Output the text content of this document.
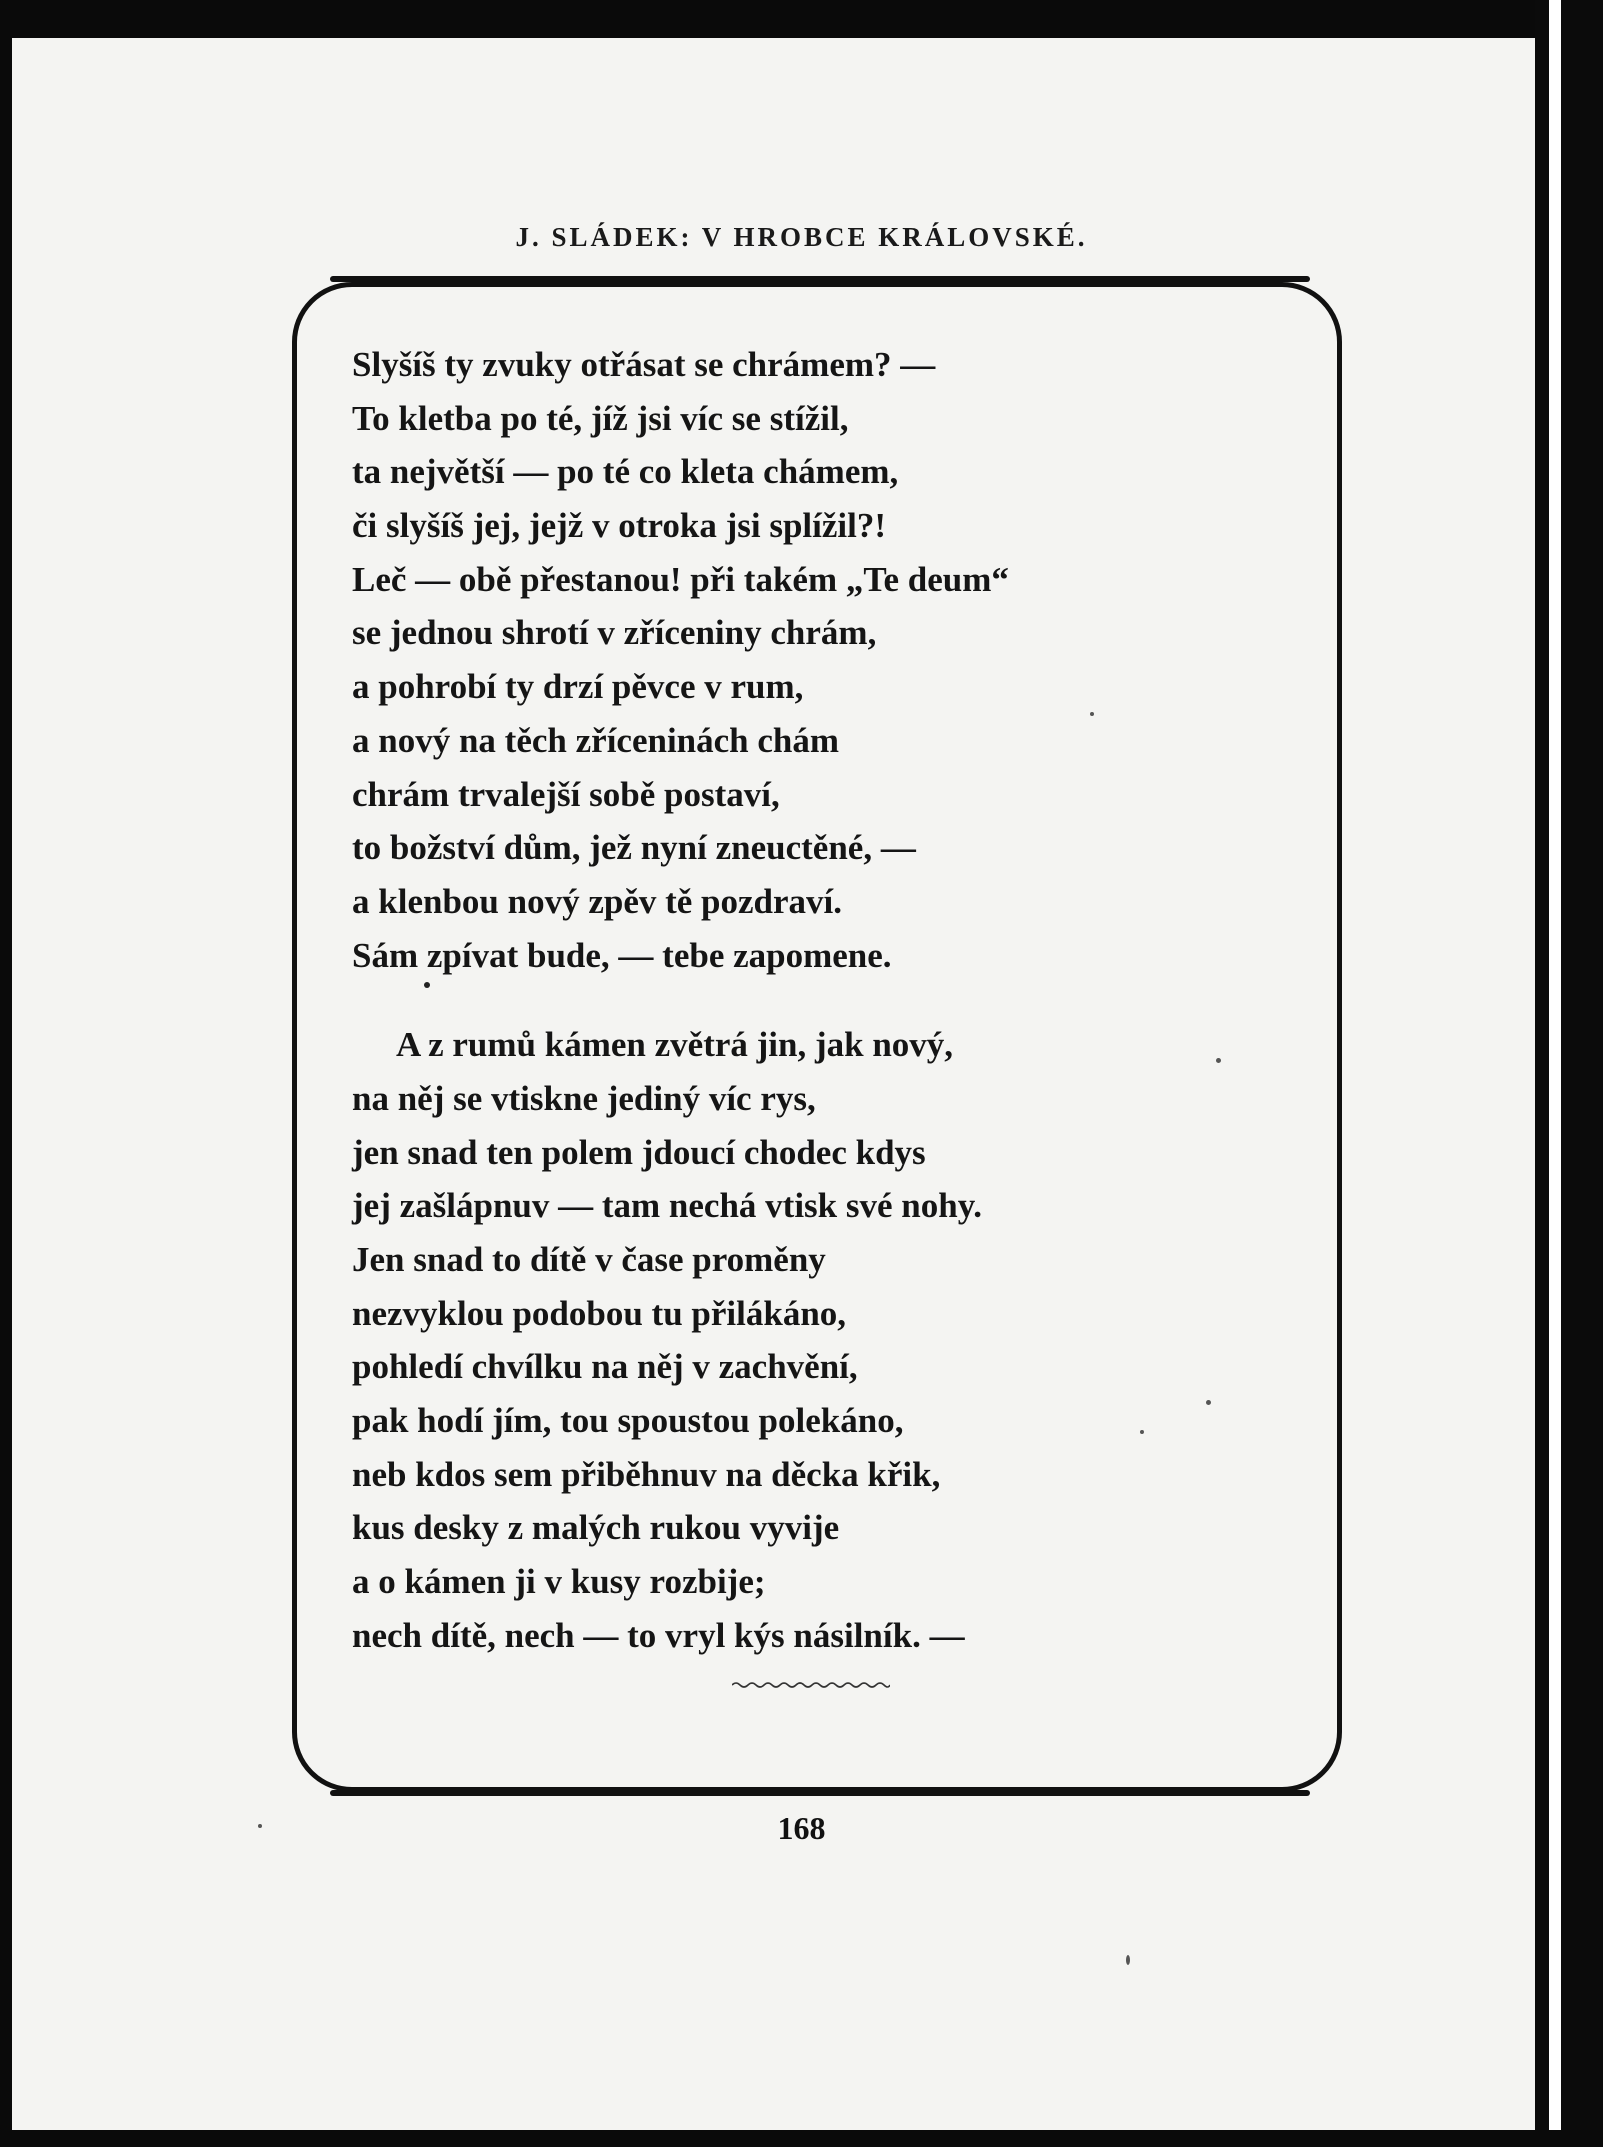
J. SLÁDEK: V HROBCE KRÁLOVSKÉ.
Slyšíš ty zvuky otřásat se chrámem? —
To kletba po té, jíž jsi víc se stížil,
ta největší — po té co kleta chámem,
či slyšíš jej, jejž v otroka jsi splížil?!
Leč — obě přestanou! při takém „Te deum“
se jednou shrotí v zříceniny chrám,
a pohrobí ty drzí pěvce v rum,
a nový na těch zříceninách chám
chrám trvalejší sobě postaví,
to božství dům, jež nyní zneuctěné, —
a klenbou nový zpěv tě pozdraví.
Sám zpívat bude, — tebe zapomene.
A z rumů kámen zvětrá jin, jak nový,
na něj se vtiskne jediný víc rys,
jen snad ten polem jdoucí chodec kdys
jej zašlápnuv — tam nechá vtisk své nohy.
Jen snad to dítě v čase proměny
nezvyklou podobou tu přilákáno,
pohledí chvílku na něj v zachvění,
pak hodí jím, tou spoustou polekáno,
neb kdos sem přiběhnuv na děcka křik,
kus desky z malých rukou vyvije
a o kámen ji v kusy rozbije;
nech dítě, nech — to vryl kýs násilník. —
168
